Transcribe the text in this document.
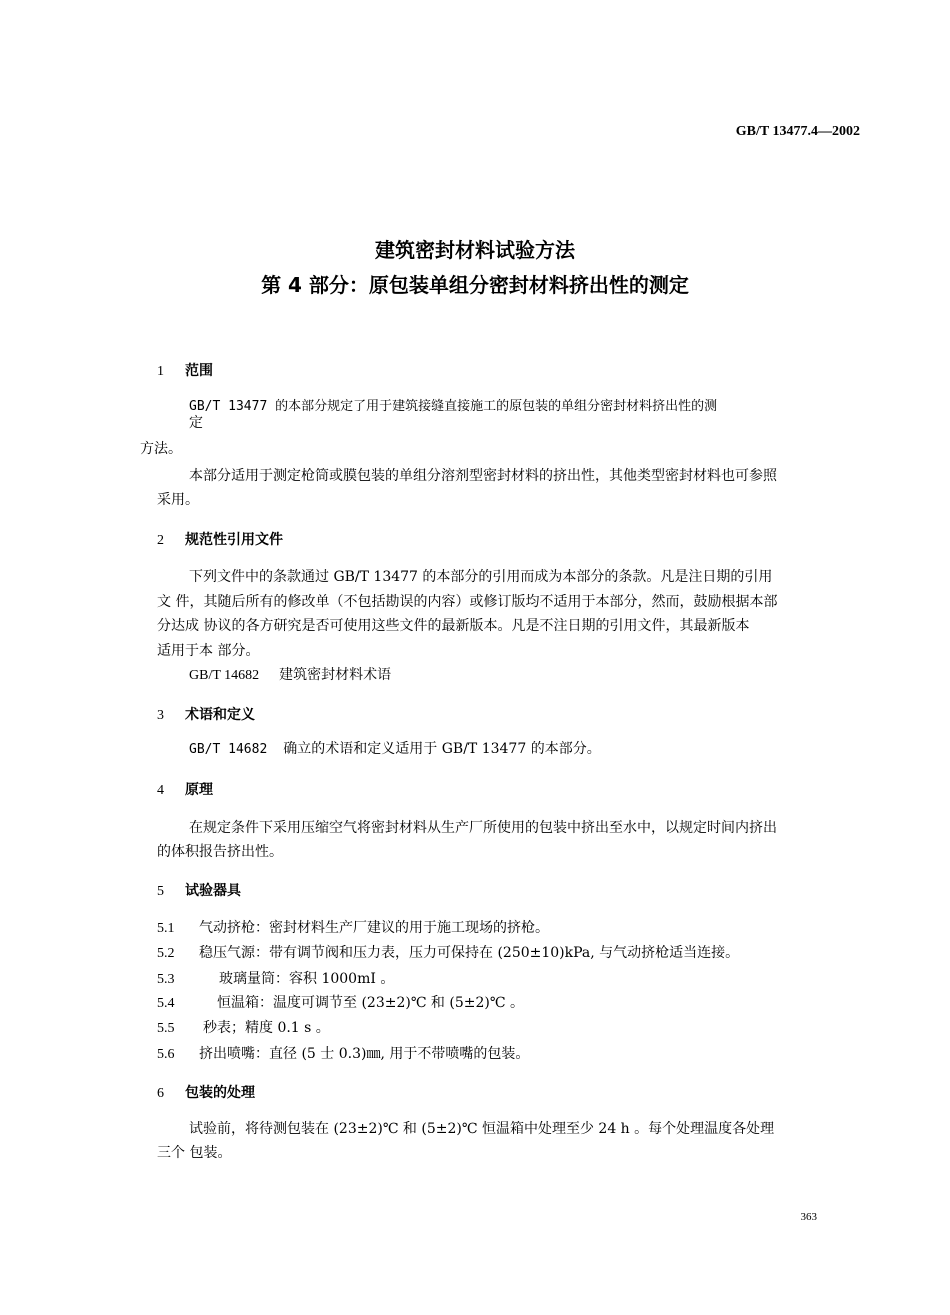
GB/T 13477.4—2002
建筑密封材料试验方法
第 4 部分：原包装单组分密封材料挤出性的测定
1 范围
GB/T 13477 的本部分规定了用于建筑接缝直接施工的原包装的单组分密封材料挤出性的测
定
方法。
本部分适用于测定枪筒或膜包装的单组分溶剂型密封材料的挤出性，其他类型密封材料也可参照
采用。
2 规范性引用文件
下列文件中的条款通过 GB/T 13477 的本部分的引用而成为本部分的条款。凡是注日期的引用
文 件，其随后所有的修改单（不包括勘误的内容）或修订版均不适用于本部分，然而，鼓励根据本部
分达成 协议的各方研究是否可使用这些文件的最新版本。凡是不注日期的引用文件，其最新版本
适用于本 部分。
GB/T 14682 建筑密封材料术语
3 术语和定义
GB/T 14682 确立的术语和定义适用于 GB/T 13477 的本部分。
4 原理
在规定条件下采用压缩空气将密封材料从生产厂所使用的包装中挤出至水中，以规定时间内挤出
的体积报告挤出性。
5 试验器具
5.1 气动挤枪：密封材料生产厂建议的用于施工现场的挤枪。
5.2 稳压气源：带有调节阀和压力表，压力可保持在 (250±10)kPa, 与气动挤枪适当连接。
5.3	玻璃量筒：容积 1000mI 。
5.4	恒温箱：温度可调节至 (23±2)℃ 和 (5±2)℃ 。
5.5 秒表；精度 0.1 s 。
5.6 挤出喷嘴：直径 (5 士 0.3)㎜, 用于不带喷嘴的包装。
6 包装的处理
试验前，将待测包装在 (23±2)℃ 和 (5±2)℃ 恒温箱中处理至少 24 h 。每个处理温度各处理
三个 包装。
363
